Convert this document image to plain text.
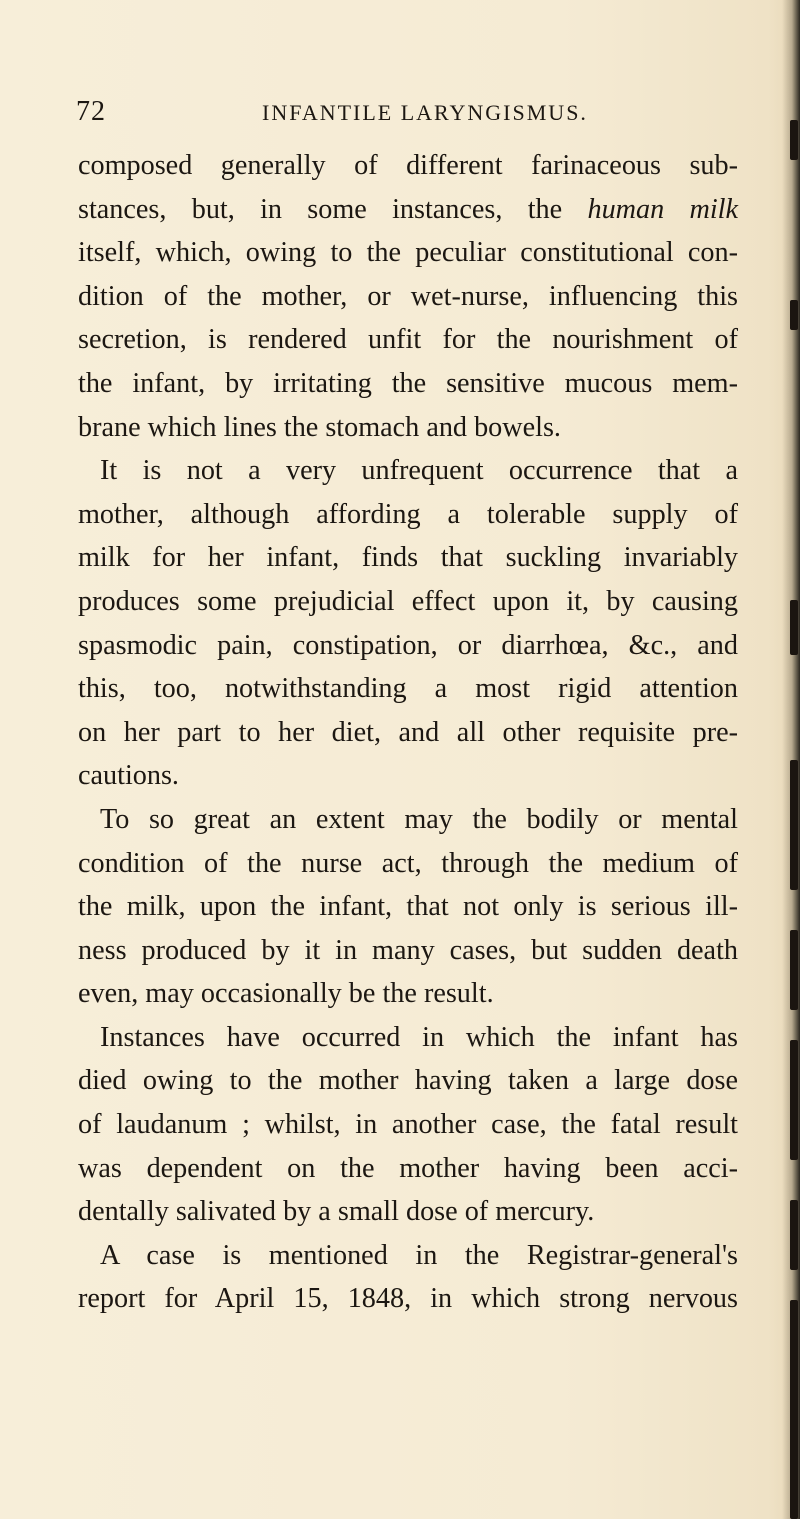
72	INFANTILE LARYNGISMUS.
composed generally of different farinaceous sub-
stances, but, in some instances, the human milk
itself, which, owing to the peculiar constitutional con-
dition of the mother, or wet-nurse, influencing this
secretion, is rendered unfit for the nourishment of
the infant, by irritating the sensitive mucous mem-
brane which lines the stomach and bowels.
It is not a very unfrequent occurrence that a
mother, although affording a tolerable supply of
milk for her infant, finds that suckling invariably
produces some prejudicial effect upon it, by causing
spasmodic pain, constipation, or diarrhœa, &c., and
this, too, notwithstanding a most rigid attention
on her part to her diet, and all other requisite pre-
cautions.
To so great an extent may the bodily or mental
condition of the nurse act, through the medium of
the milk, upon the infant, that not only is serious ill-
ness produced by it in many cases, but sudden death
even, may occasionally be the result.
Instances have occurred in which the infant has
died owing to the mother having taken a large dose
of laudanum ; whilst, in another case, the fatal result
was dependent on the mother having been acci-
dentally salivated by a small dose of mercury.
A case is mentioned in the Registrar-general's
report for April 15, 1848, in which strong nervous
